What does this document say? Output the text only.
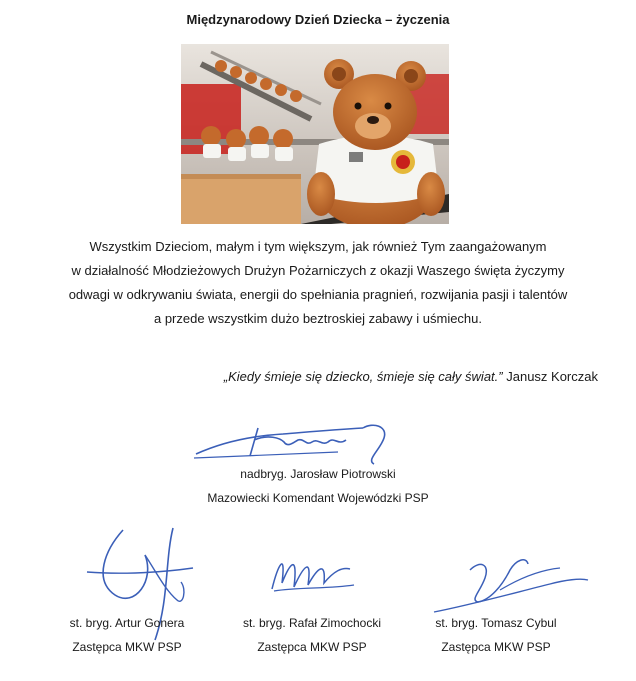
Międzynarodowy Dzień Dziecka – życzenia
Wszystkim Dzieciom, małym i tym większym, jak również Tym zaangażowanym
w działalność Młodzieżowych Drużyn Pożarniczych z okazji Waszego święta życzymy
odwagi w odkrywaniu świata, energii do spełniania pragnień, rozwijania pasji i talentów
a przede wszystkim dużo beztroskiej zabawy i uśmiechu.
„Kiedy śmieje się dziecko, śmieje się cały świat.” Janusz Korczak
nadbryg. Jarosław Piotrowski
Mazowiecki Komendant Wojewódzki PSP
st. bryg. Artur Gonera
Zastępca MKW PSP
st. bryg. Rafał Zimochocki
Zastępca MKW PSP
st. bryg. Tomasz Cybul
Zastępca MKW PSP
